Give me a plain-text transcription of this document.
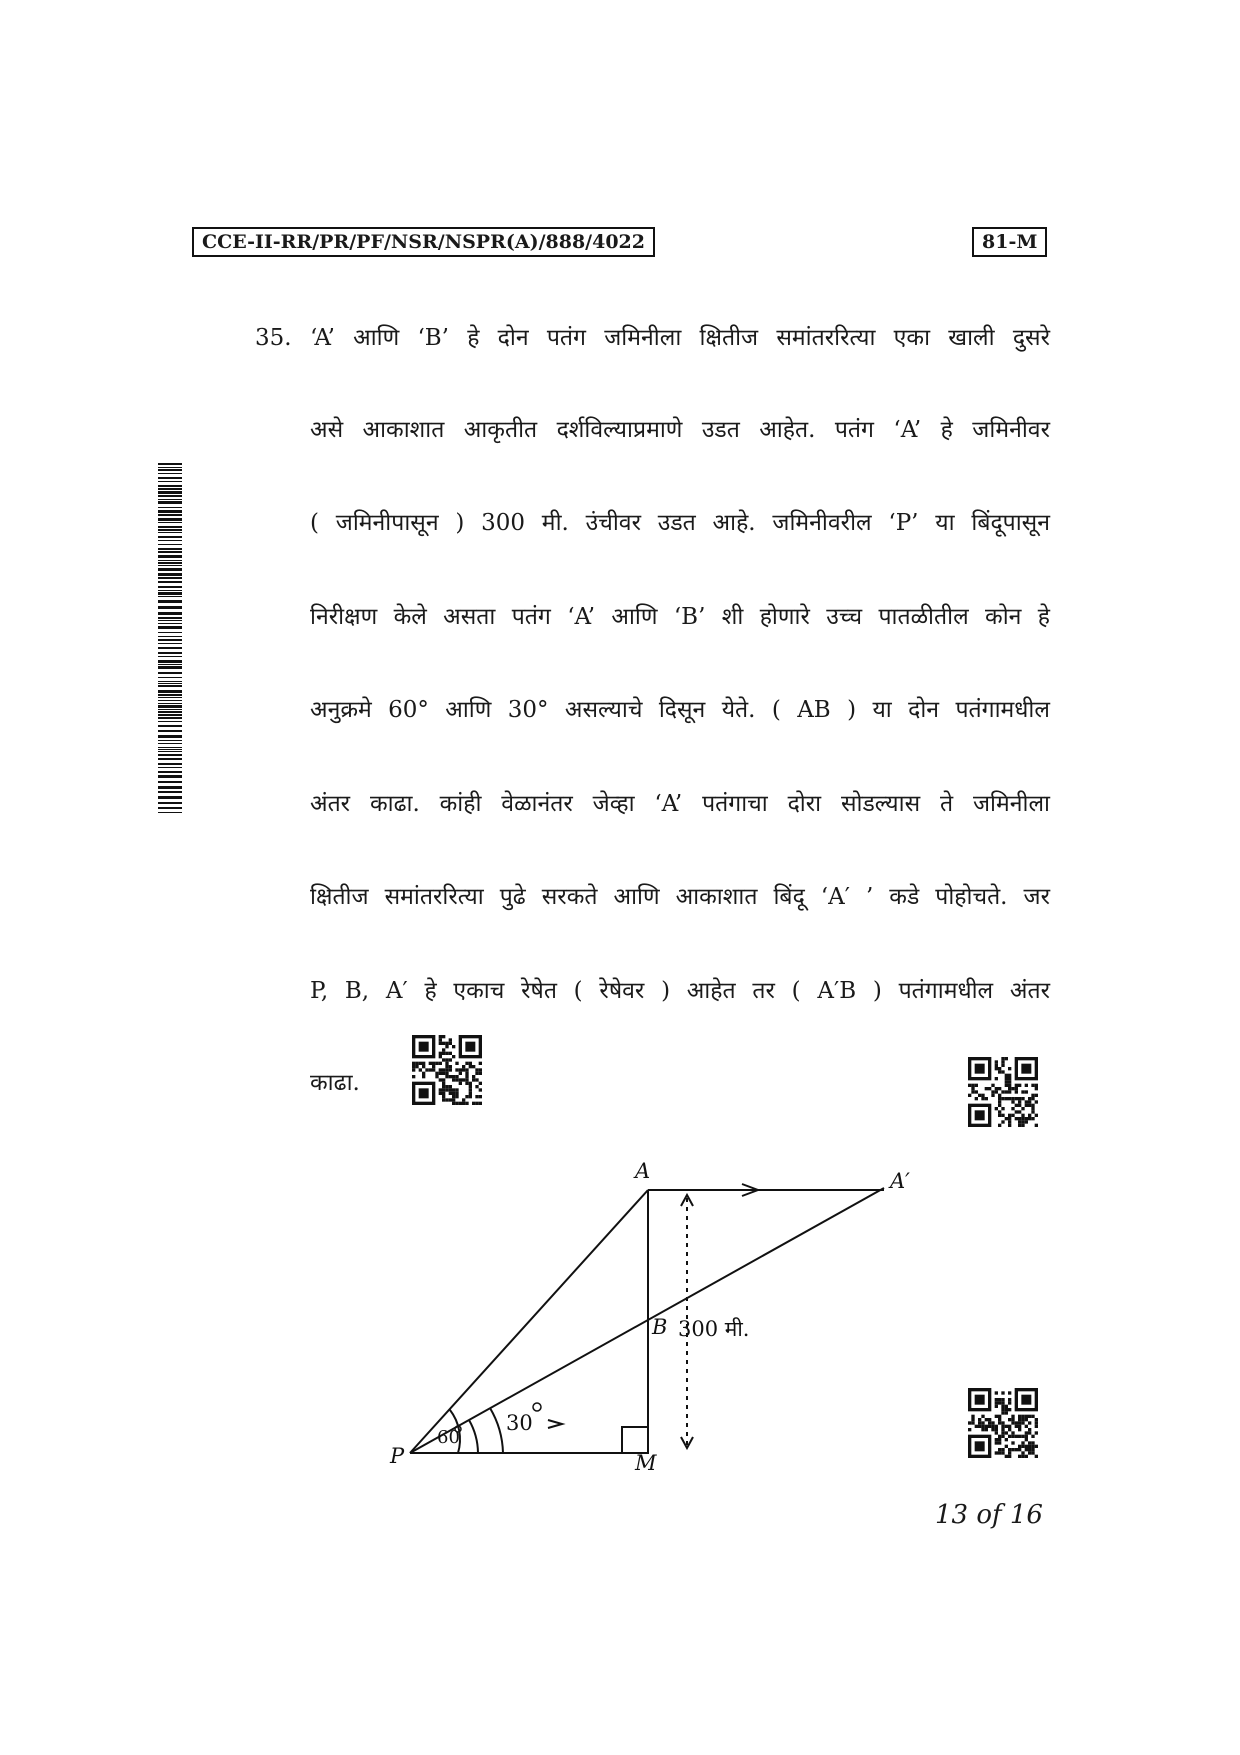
CCE-II-RR/PR/PF/NSR/NSPR(A)/888/4022	81-M
35. ‘A’ आणि ‘B’ हे दोन पतंग जमिनीला क्षितीज समांतररित्या एका खाली दुसरे
असे आकाशात आकृतीत दर्शविल्याप्रमाणे उडत आहेत. पतंग ‘A’ हे जमिनीवर
( जमिनीपासून ) 300 मी. उंचीवर उडत आहे. जमिनीवरील ‘P’ या बिंदूपासून
निरीक्षण केले असता पतंग ‘A’ आणि ‘B’ शी होणारे उच्च पातळीतील कोन हे
अनुक्रमे 60° आणि 30° असल्याचे दिसून येते. ( AB ) या दोन पतंगामधील
अंतर काढा. कांही वेळानंतर जेव्हा ‘A’ पतंगाचा दोरा सोडल्यास ते जमिनीला
क्षितीज समांतररित्या पुढे सरकते आणि आकाशात बिंदू ‘A′ ’ कडे पोहोचते. जर
P, B, A′ हे एकाच रेषेत ( रेषेवर ) आहेत तर ( A′B ) पतंगामधील अंतर
काढा.
A	A′
B
P	M
300 मी.
60
30
13 of 16
